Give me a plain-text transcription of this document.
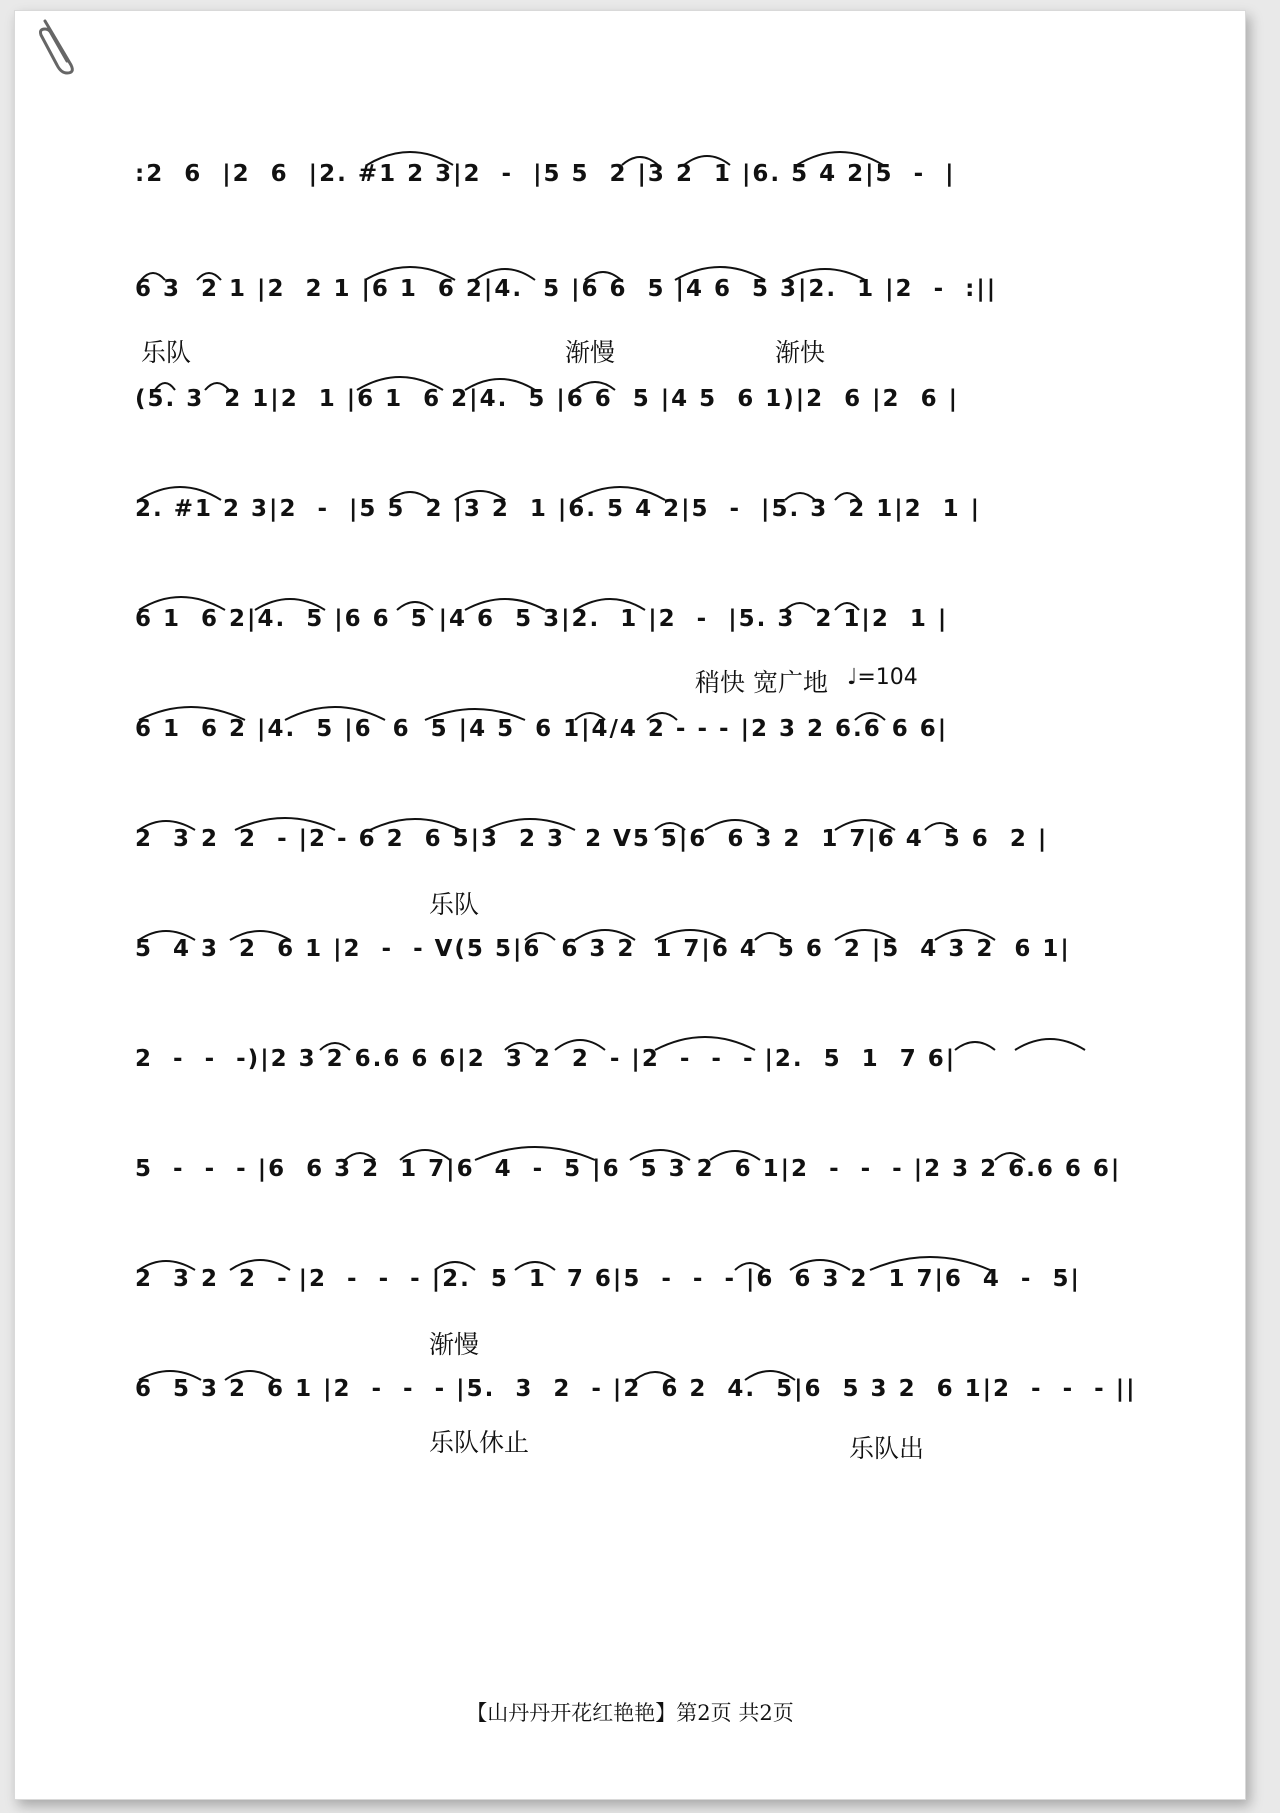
:2  6  |2  6  |2. #1 2 3|2  -  |5 5  2 |3 2  1 |6. 5 4 2|5  -  |
6 3  2 1 |2  2 1 |6 1  6 2|4.  5 |6 6  5 |4 6  5 3|2.  1 |2  -  :||
乐队	渐慢	渐快
(5. 3  2 1|2  1 |6 1  6 2|4.  5 |6 6  5 |4 5  6 1)|2  6 |2  6 |
2. #1 2 3|2  -  |5 5  2 |3 2  1 |6. 5 4 2|5  -  |5. 3  2 1|2  1 |
6 1  6 2|4.  5 |6 6  5 |4 6  5 3|2.  1 |2  -  |5. 3  2 1|2  1 |
稍快 宽广地 ♩=104
6 1  6 2 |4.  5 |6  6  5 |4 5  6 1|4/4 2 - - - |2 3 2 6.6 6 6|
2  3 2  2  - |2 - 6 2  6 5|3  2 3  2 V5 5|6  6 3 2  1 7|6 4  5 6  2 |
乐队
5  4 3  2  6 1 |2  -  - V(5 5|6  6 3 2  1 7|6 4  5 6  2 |5  4 3 2  6 1|
2  -  -  -)|2 3 2 6.6 6 6|2  3 2  2  - |2  -  -  - |2.  5  1  7 6|
5  -  -  - |6  6 3 2  1 7|6  4  -  5 |6  5 3 2  6 1|2  -  -  - |2 3 2 6.6 6 6|
2  3 2  2  - |2  -  -  - |2.  5  1  7 6|5  -  -  - |6  6 3 2  1 7|6  4  -  5|
渐慢
6  5 3 2  6 1 |2  -  -  - |5.  3  2  - |2  6 2  4.  5|6  5 3 2  6 1|2  -  -  - ||
乐队休止	乐队出
【山丹丹开花红艳艳】第2页 共2页
